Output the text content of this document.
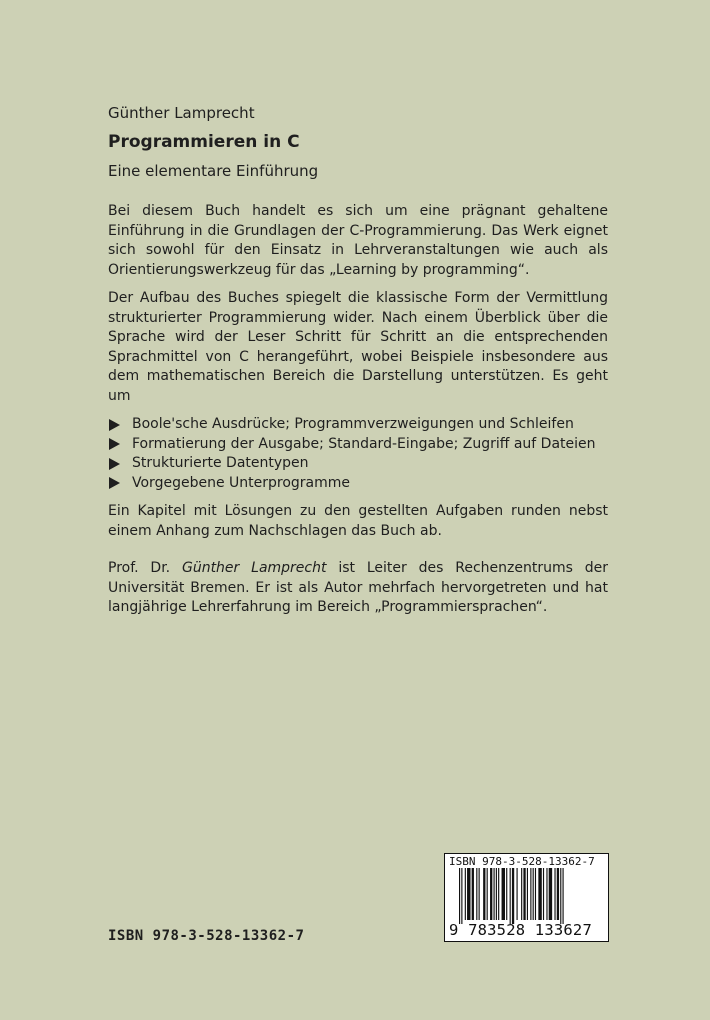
Günther Lamprecht

Programmieren in C

Eine elementare Einführung

Bei diesem Buch handelt es sich um eine prägnant gehaltene Einführung in die Grundlagen der C-Programmierung. Das Werk eignet sich sowohl für den Einsatz in Lehrveranstaltungen wie auch als Orientierungswerkzeug für das „Learning by programming“.

Der Aufbau des Buches spiegelt die klassische Form der Vermittlung strukturierter Programmierung wider. Nach einem Überblick über die Sprache wird der Leser Schritt für Schritt an die entsprechenden Sprachmittel von C herangeführt, wobei Beispiele insbesondere aus dem mathematischen Bereich die Darstellung unterstützen. Es geht um

Boole'sche Ausdrücke; Programmverzweigungen und Schleifen
Formatierung der Ausgabe; Standard-Eingabe; Zugriff auf Dateien
Strukturierte Datentypen
Vorgegebene Unterprogramme

Ein Kapitel mit Lösungen zu den gestellten Aufgaben runden nebst einem Anhang zum Nachschlagen das Buch ab.

Prof. Dr. Günther Lamprecht ist Leiter des Rechenzentrums der Universität Bremen. Er ist als Autor mehrfach hervorgetreten und hat langjährige Lehrerfahrung im Bereich „Programmiersprachen“.

ISBN 978-3-528-13362-7
ISBN 978-3-528-13362-7
9 783528 133627
